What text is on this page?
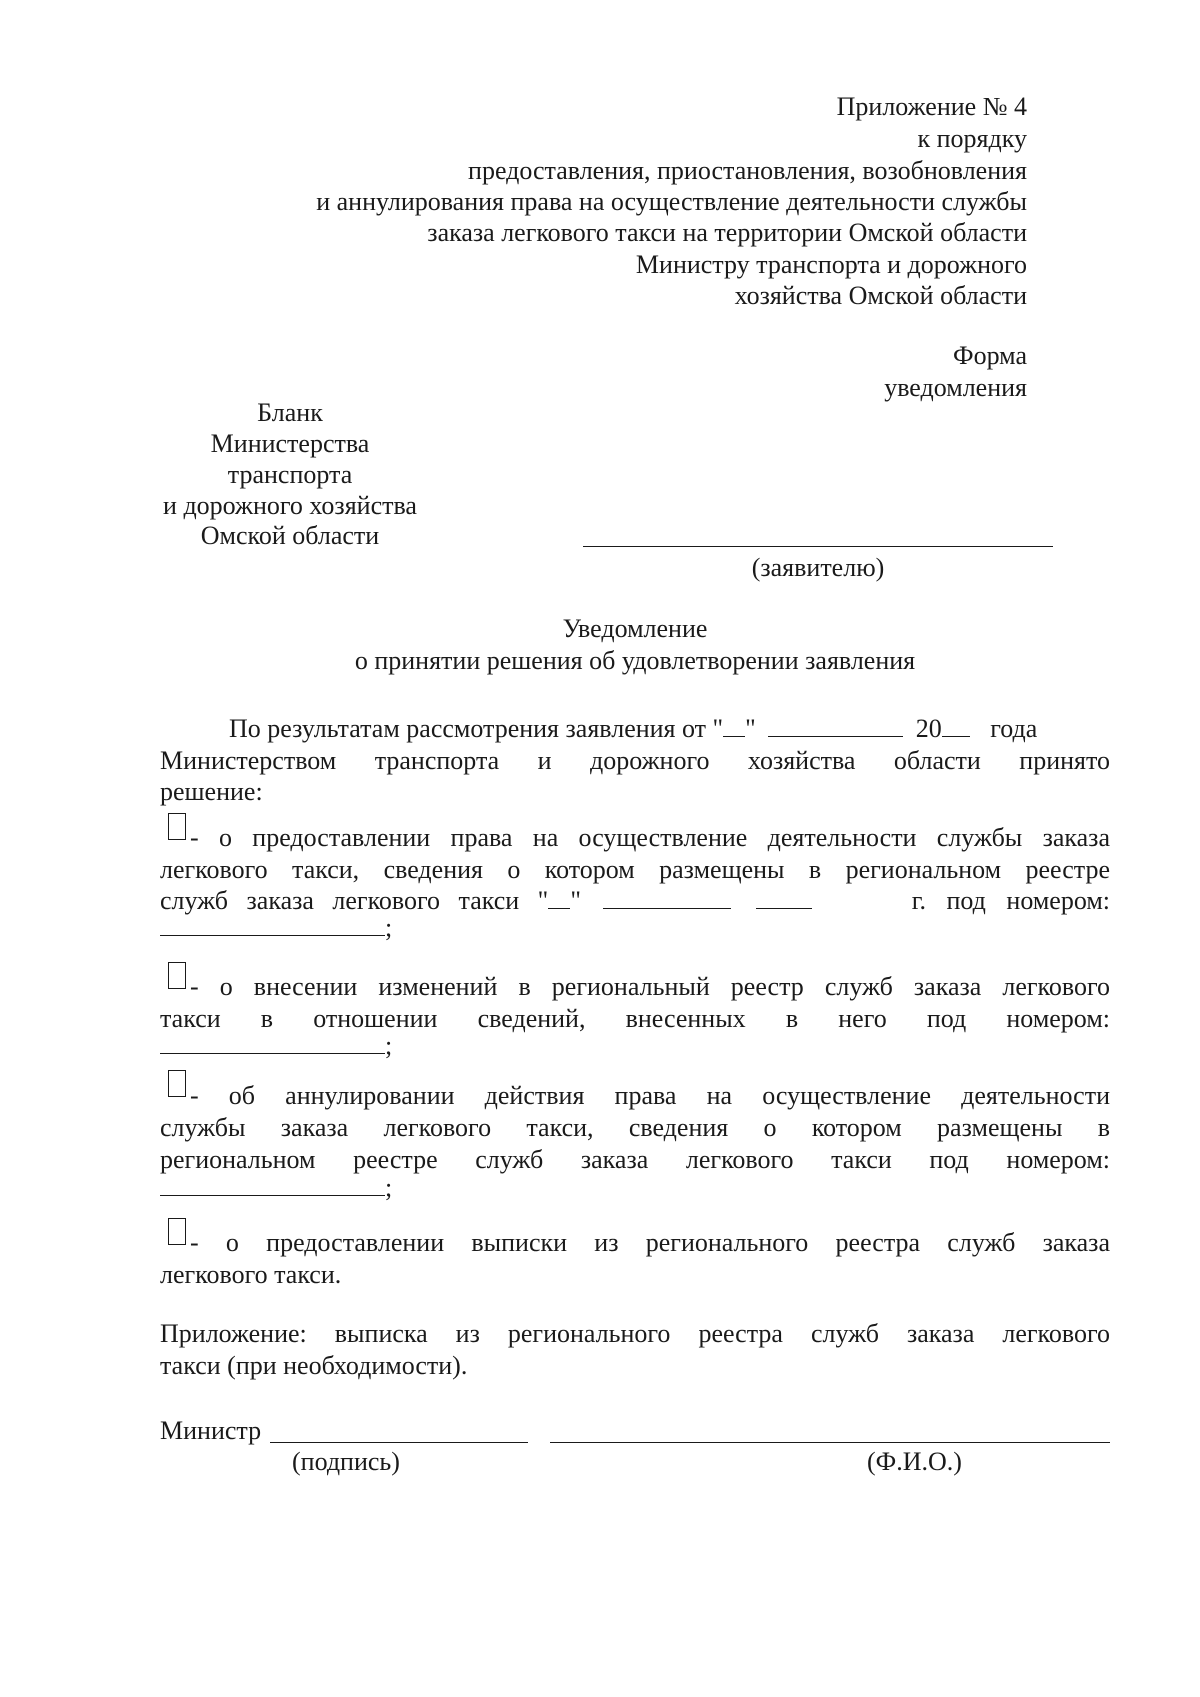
Приложение № 4
к порядку
предоставления, приостановления, возобновления
и аннулирования права на осуществление деятельности службы
заказа легкового такси на территории Омской области
Министру транспорта и дорожного
хозяйства Омской области
Форма
уведомления
Бланк
Министерства
транспорта
и дорожного хозяйства
Омской области
(заявителю)
Уведомление
о принятии решения об удовлетворении заявления
По результатам рассмотрения заявления от " "	20 года
Министерством транспорта и дорожного хозяйства области принято
решение:
- о предоставлении права на осуществление деятельности службы заказа
легкового такси, сведения о котором размещены в региональном реестре
служб заказа легкового такси " "	г. под номером:
;
- о внесении изменений в региональный реестр служб заказа легкового
такси в отношении сведений, внесенных в него под номером:
;
- об аннулировании действия права на осуществление деятельности
службы заказа легкового такси, сведения о котором размещены в
региональном реестре служб заказа легкового такси под номером:
;
- о предоставлении выписки из регионального реестра служб заказа
легкового такси.
Приложение: выписка из регионального реестра служб заказа легкового
такси (при необходимости).
Министр
(подпись)	(Ф.И.О.)
